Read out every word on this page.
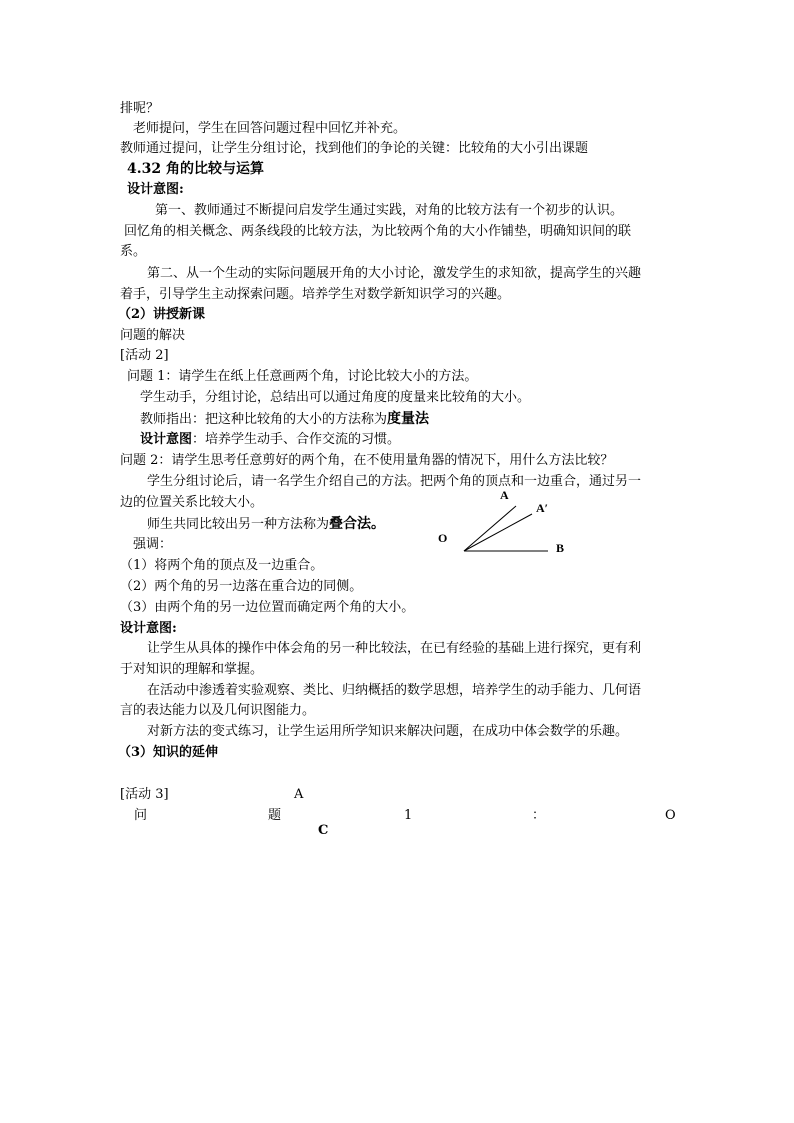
排呢？
老师提问，学生在回答问题过程中回忆并补充。
教师通过提问，让学生分组讨论，找到他们的争论的关键：比较角的大小引出课题
4.32 角的比较与运算
设计意图:
第一、教师通过不断提问启发学生通过实践，对角的比较方法有一个初步的认识。
回忆角的相关概念、两条线段的比较方法，为比较两个角的大小作铺垫，明确知识间的联
系。
第二、从一个生动的实际问题展开角的大小讨论，激发学生的求知欲，提高学生的兴趣
着手，引导学生主动探索问题。培养学生对数学新知识学习的兴趣。
（2）讲授新课
问题的解决
[活动 2]
问题 1：请学生在纸上任意画两个角，讨论比较大小的方法。
学生动手，分组讨论，总结出可以通过角度的度量来比较角的大小。
教师指出：把这种比较角的大小的方法称为度量法
设计意图：培养学生动手、合作交流的习惯。
问题 2：请学生思考任意剪好的两个角，在不使用量角器的情况下，用什么方法比较？
学生分组讨论后，请一名学生介绍自己的方法。把两个角的顶点和一边重合，通过另一
边的位置关系比较大小。
师生共同比较出另一种方法称为叠合法。
强调：
（1）将两个角的顶点及一边重合。
（2）两个角的另一边落在重合边的同侧。
（3）由两个角的另一边位置而确定两个角的大小。
设计意图:
让学生从具体的操作中体会角的另一种比较法，在已有经验的基础上进行探究，更有利
于对知识的理解和掌握。
在活动中渗透着实验观察、类比、归纳概括的数学思想，培养学生的动手能力、几何语
言的表达能力以及几何识图能力。
对新方法的变式练习，让学生运用所学知识来解决问题，在成功中体会数学的乐趣。
（3）知识的延伸
[活动 3]	A
问	题	1	：	O
C
A
A′
O
B
